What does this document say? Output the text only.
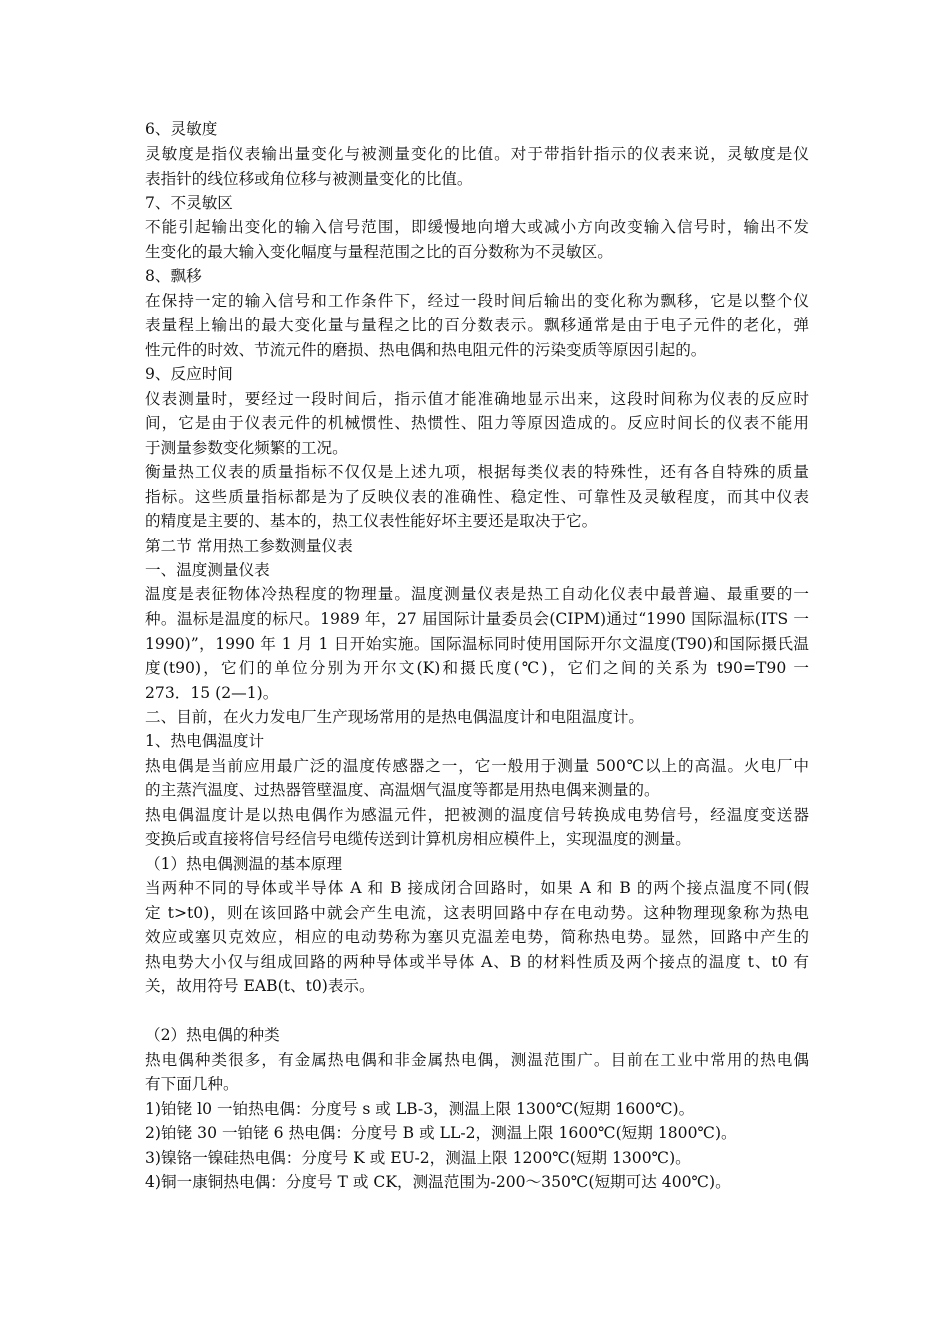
6、灵敏度
灵敏度是指仪表输出量变化与被测量变化的比值。对于带指针指示的仪表来说，灵敏度是仪
表指针的线位移或角位移与被测量变化的比值。
7、不灵敏区
不能引起输出变化的输入信号范围，即缓慢地向增大或减小方向改变输入信号时，输出不发
生变化的最大输入变化幅度与量程范围之比的百分数称为不灵敏区。
8、飘移
在保持一定的输入信号和工作条件下，经过一段时间后输出的变化称为飘移，它是以整个仪
表量程上输出的最大变化量与量程之比的百分数表示。飘移通常是由于电子元件的老化，弹
性元件的时效、节流元件的磨损、热电偶和热电阻元件的污染变质等原因引起的。
9、反应时间
仪表测量时，要经过一段时间后，指示值才能准确地显示出来，这段时间称为仪表的反应时
间，它是由于仪表元件的机械惯性、热惯性、阻力等原因造成的。反应时间长的仪表不能用
于测量参数变化频繁的工况。
衡量热工仪表的质量指标不仅仅是上述九项，根据每类仪表的特殊性，还有各自特殊的质量
指标。这些质量指标都是为了反映仪表的准确性、稳定性、可靠性及灵敏程度，而其中仪表
的精度是主要的、基本的，热工仪表性能好坏主要还是取决于它。
第二节 常用热工参数测量仪表
一、温度测量仪表
温度是表征物体冷热程度的物理量。温度测量仪表是热工自动化仪表中最普遍、最重要的一
种。温标是温度的标尺。1989 年，27 届国际计量委员会(CIPM)通过“1990 国际温标(ITS 一
1990)”，1990 年 1 月 1 日开始实施。国际温标同时使用国际开尔文温度(T90)和国际摄氏温
度(t90)，它们的单位分别为开尔文(K)和摄氏度(℃)，它们之间的关系为 t90=T90 一
273．15 (2—1)。
二、目前，在火力发电厂生产现场常用的是热电偶温度计和电阻温度计。
1、热电偶温度计
热电偶是当前应用最广泛的温度传感器之一，它一般用于测量 500℃以上的高温。火电厂中
的主蒸汽温度、过热器管壁温度、高温烟气温度等都是用热电偶来测量的。
热电偶温度计是以热电偶作为感温元件，把被测的温度信号转换成电势信号，经温度变送器
变换后或直接将信号经信号电缆传送到计算机房相应模件上，实现温度的测量。
（1）热电偶测温的基本原理
当两种不同的导体或半导体 A 和 B 接成闭合回路时，如果 A 和 B 的两个接点温度不同(假
定 t>t0)，则在该回路中就会产生电流，这表明回路中存在电动势。这种物理现象称为热电
效应或塞贝克效应，相应的电动势称为塞贝克温差电势，简称热电势。显然，回路中产生的
热电势大小仅与组成回路的两种导体或半导体 A、B 的材料性质及两个接点的温度 t、t0 有
关，故用符号 EAB(t、t0)表示。
（2）热电偶的种类
热电偶种类很多，有金属热电偶和非金属热电偶，测温范围广。目前在工业中常用的热电偶
有下面几种。
1)铂铑 l0 一铂热电偶：分度号 s 或 LB-3，测温上限 1300℃(短期 1600℃)。
2)铂铑 30 一铂铑 6 热电偶：分度号 B 或 LL-2，测温上限 1600℃(短期 1800℃)。
3)镍铬一镍硅热电偶：分度号 K 或 EU-2，测温上限 1200℃(短期 1300℃)。
4)铜一康铜热电偶：分度号 T 或 CK，测温范围为-200～350℃(短期可达 400℃)。
